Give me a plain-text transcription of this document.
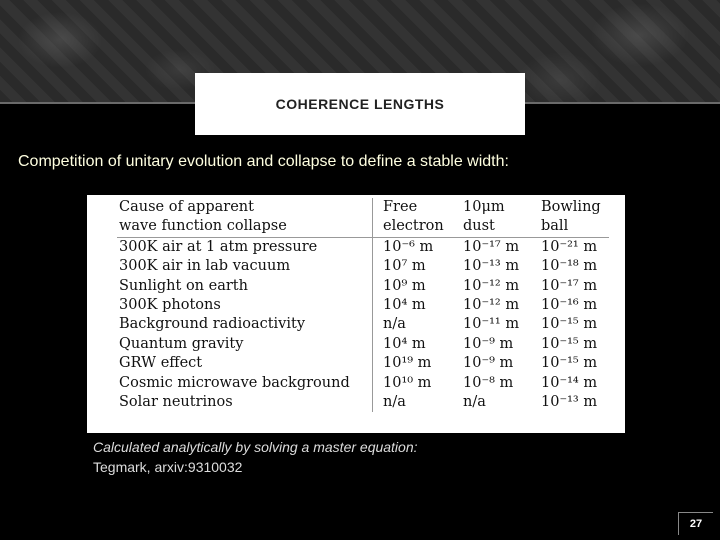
COHERENCE LENGTHS
Competition of unitary evolution and collapse to define a stable width:
Cause of apparent	Free	10μm	Bowling
wave function collapse	electron	dust	ball
300K air at 1 atm pressure	10⁻⁶ m	10⁻¹⁷ m	10⁻²¹ m
300K air in lab vacuum	10⁷ m	10⁻¹³ m	10⁻¹⁸ m
Sunlight on earth	10⁹ m	10⁻¹² m	10⁻¹⁷ m
300K photons	10⁴ m	10⁻¹² m	10⁻¹⁶ m
Background radioactivity	n/a	10⁻¹¹ m	10⁻¹⁵ m
Quantum gravity	10⁴ m	10⁻⁹ m	10⁻¹⁵ m
GRW effect	10¹⁹ m	10⁻⁹ m	10⁻¹⁵ m
Cosmic microwave background	10¹⁰ m	10⁻⁸ m	10⁻¹⁴ m
Solar neutrinos	n/a	n/a	10⁻¹³ m
Calculated analytically by solving a master equation:
Tegmark, arxiv:9310032
27
